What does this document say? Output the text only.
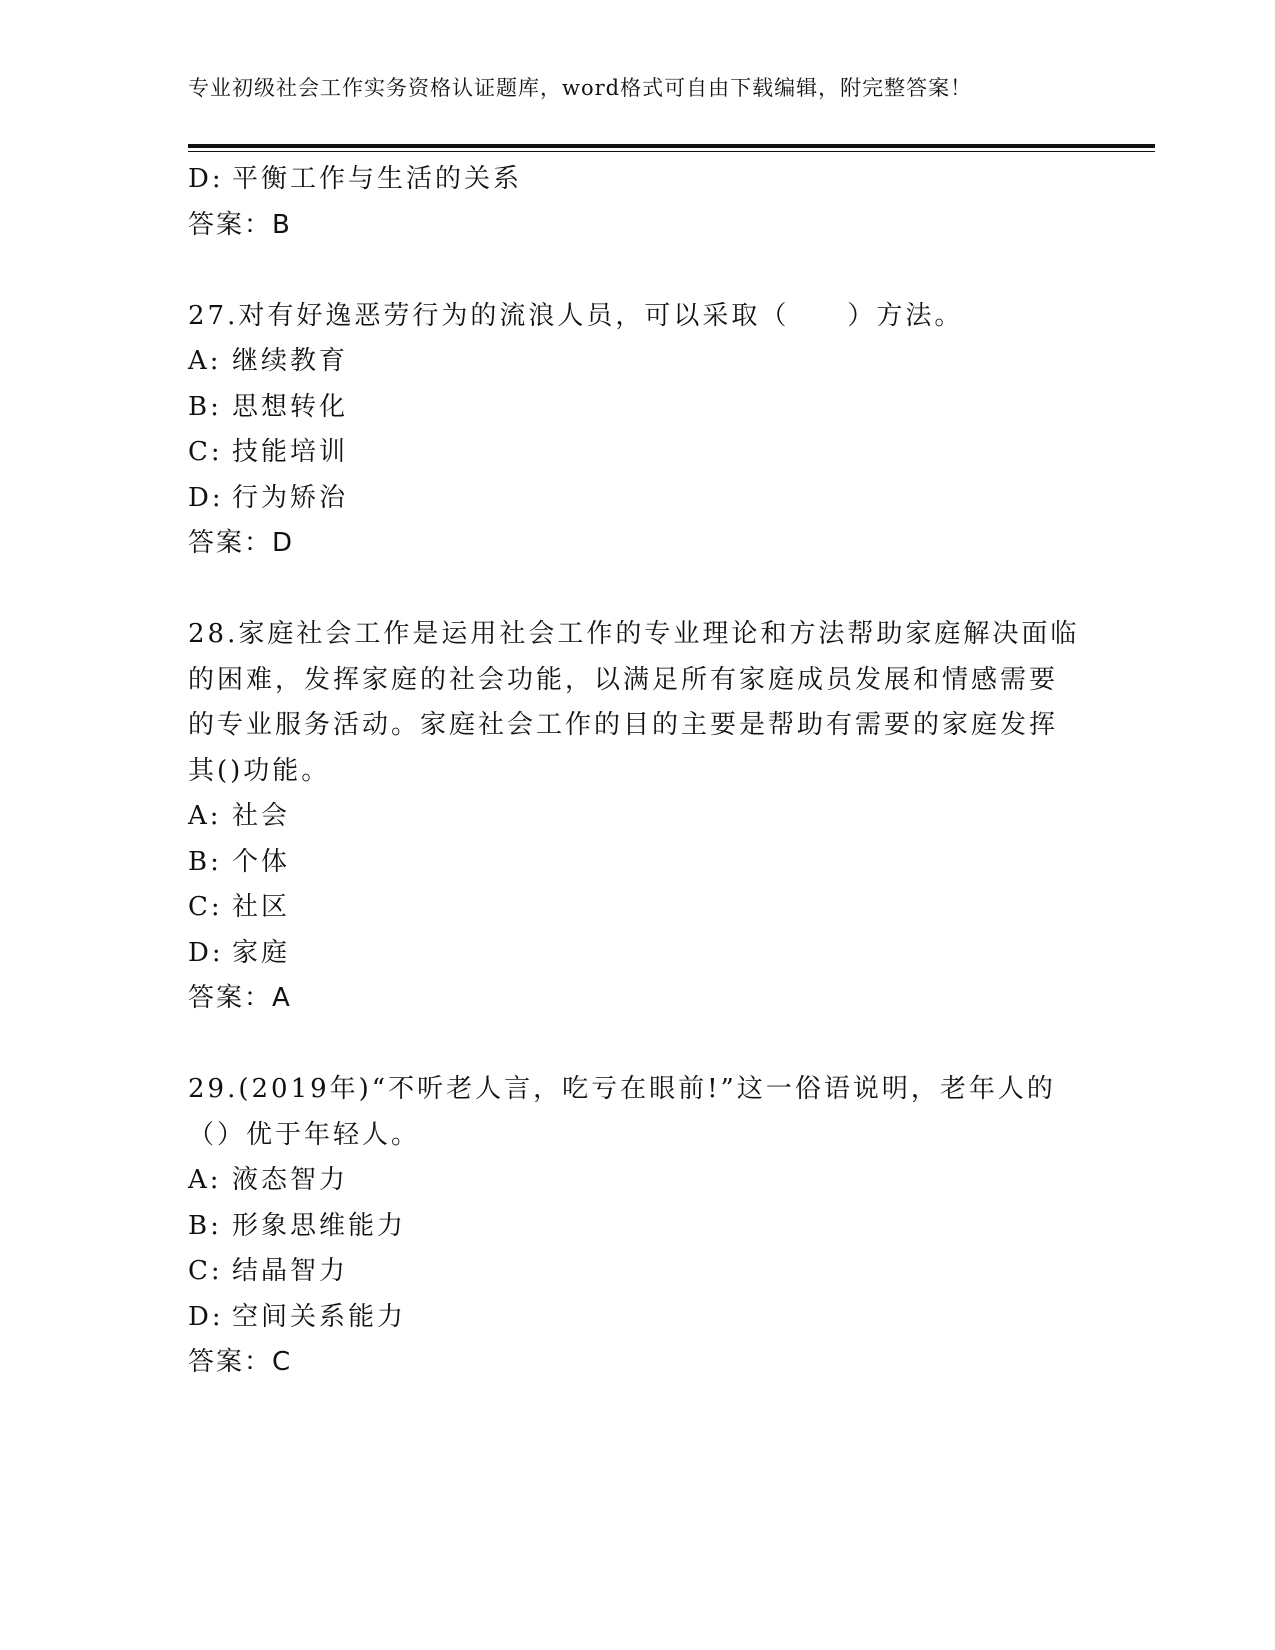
专业初级社会工作实务资格认证题库，word格式可自由下载编辑，附完整答案！
D: 平衡工作与生活的关系
答案：B
27.对有好逸恶劳行为的流浪人员，可以采取（　　）方法。
A: 继续教育
B: 思想转化
C: 技能培训
D: 行为矫治
答案：D
28.家庭社会工作是运用社会工作的专业理论和方法帮助家庭解决面临
的困难，发挥家庭的社会功能，以满足所有家庭成员发展和情感需要
的专业服务活动。家庭社会工作的目的主要是帮助有需要的家庭发挥
其()功能。
A: 社会
B: 个体
C: 社区
D: 家庭
答案：A
29.(2019年)“不听老人言，吃亏在眼前!”这一俗语说明，老年人的
（）优于年轻人。
A: 液态智力
B: 形象思维能力
C: 结晶智力
D: 空间关系能力
答案：C
